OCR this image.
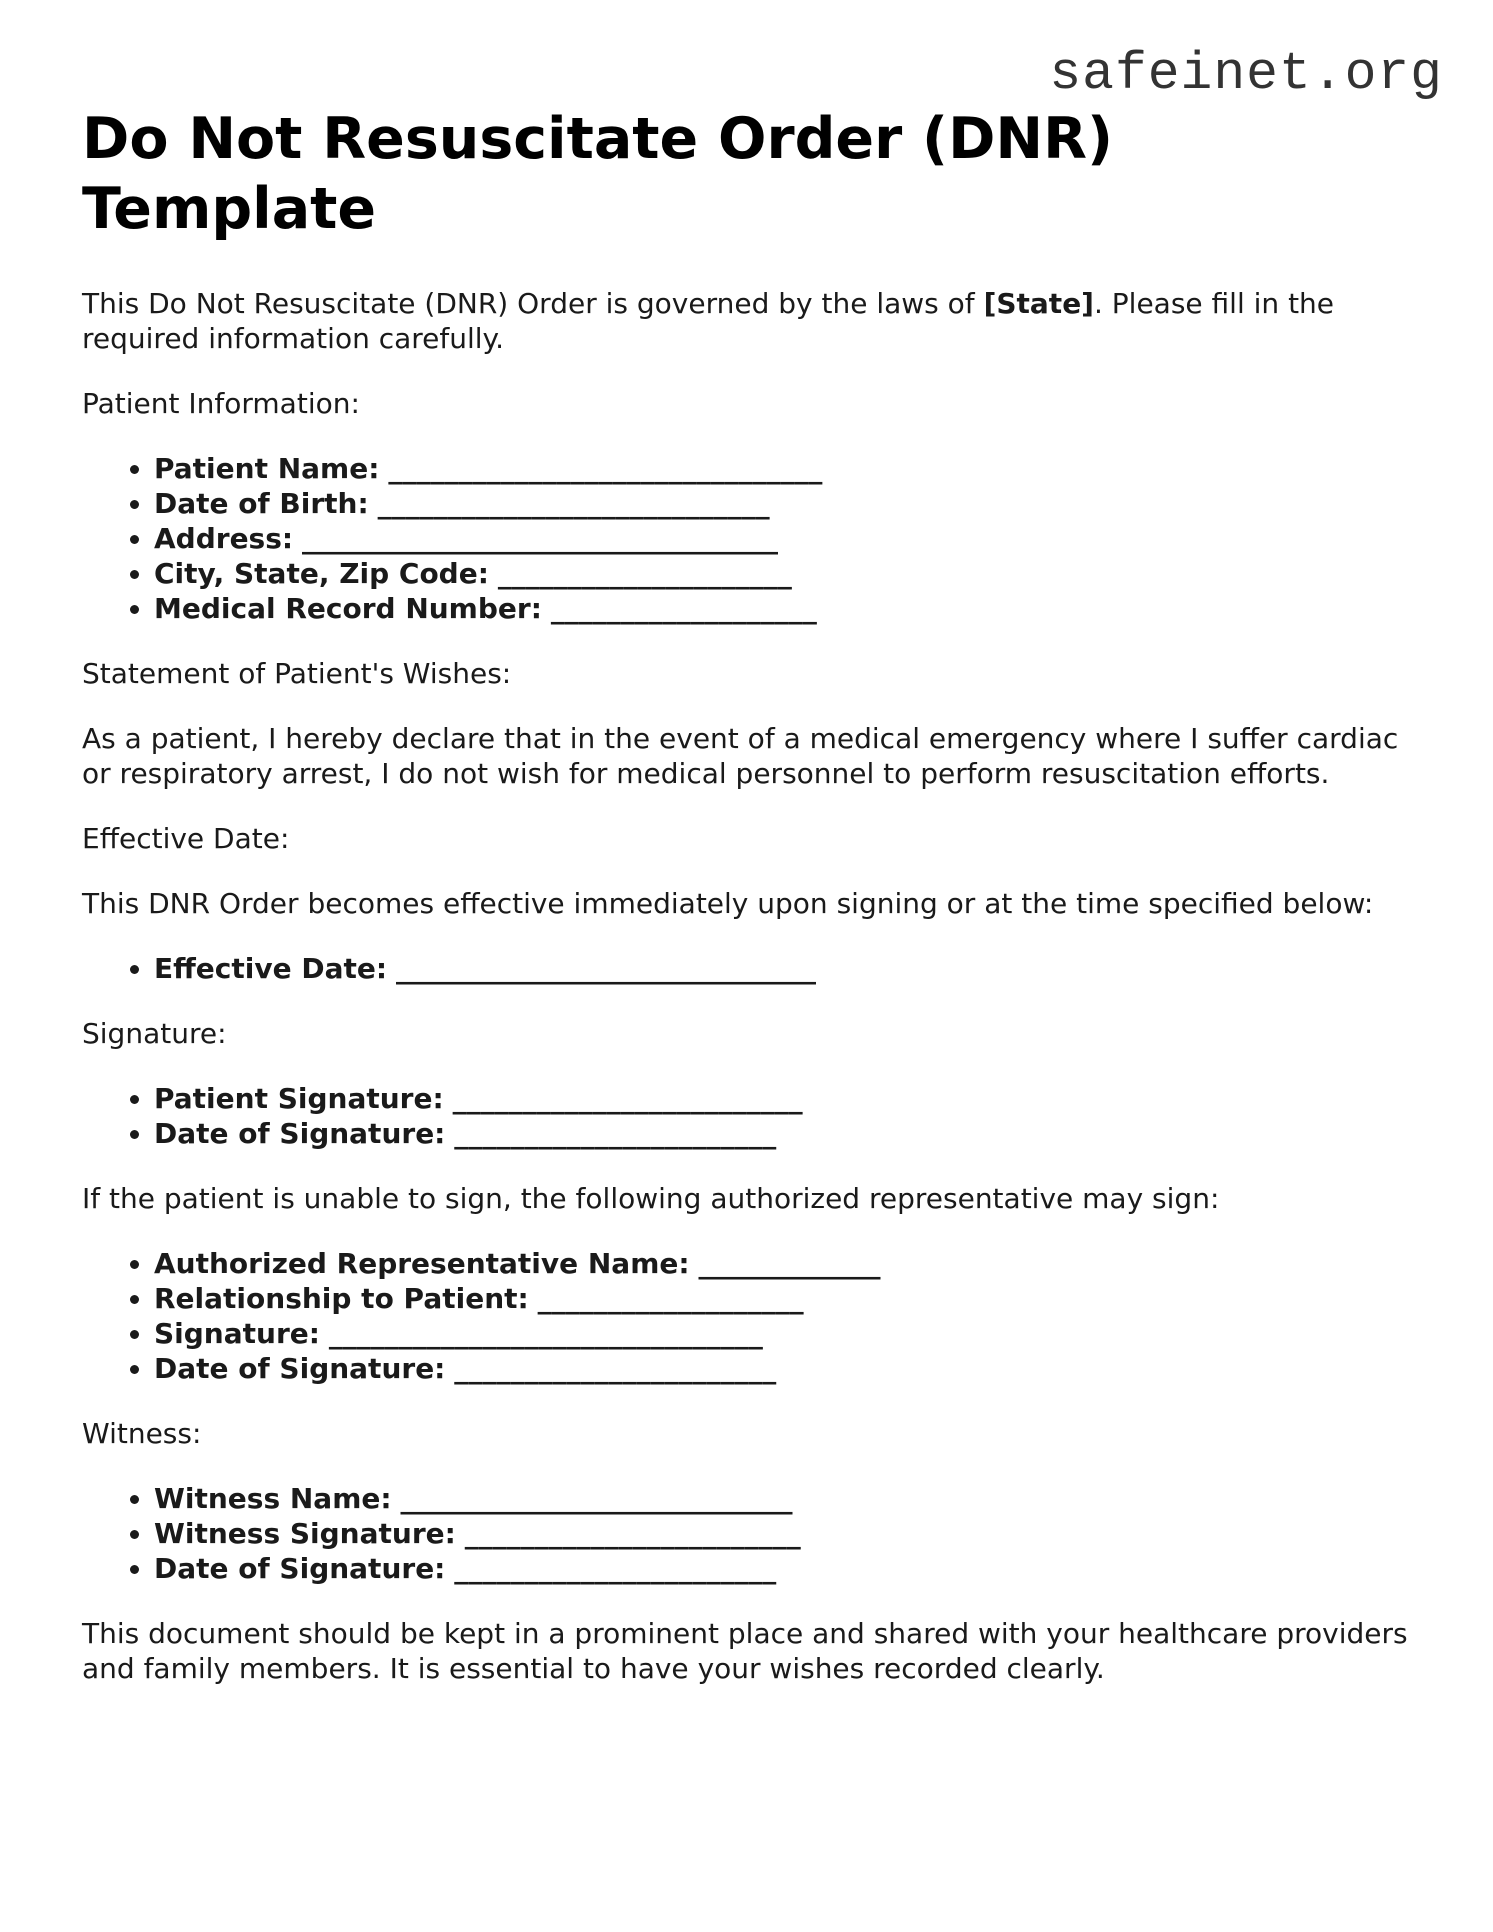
safeinet.org
Do Not Resuscitate Order (DNR) Template

This Do Not Resuscitate (DNR) Order is governed by the laws of [State]. Please fill in the required information carefully.

Patient Information:

• Patient Name: _______________________________
• Date of Birth: ____________________________
• Address: __________________________________
• City, State, Zip Code: _____________________
• Medical Record Number: ___________________

Statement of Patient's Wishes:

As a patient, I hereby declare that in the event of a medical emergency where I suffer cardiac or respiratory arrest, I do not wish for medical personnel to perform resuscitation efforts.

Effective Date:

This DNR Order becomes effective immediately upon signing or at the time specified below:

• Effective Date: ______________________________

Signature:

• Patient Signature: _________________________
• Date of Signature: _______________________

If the patient is unable to sign, the following authorized representative may sign:

• Authorized Representative Name: _____________
• Relationship to Patient: ___________________
• Signature: _______________________________
• Date of Signature: _______________________

Witness:

• Witness Name: ____________________________
• Witness Signature: ________________________
• Date of Signature: _______________________

This document should be kept in a prominent place and shared with your healthcare providers and family members. It is essential to have your wishes recorded clearly.
